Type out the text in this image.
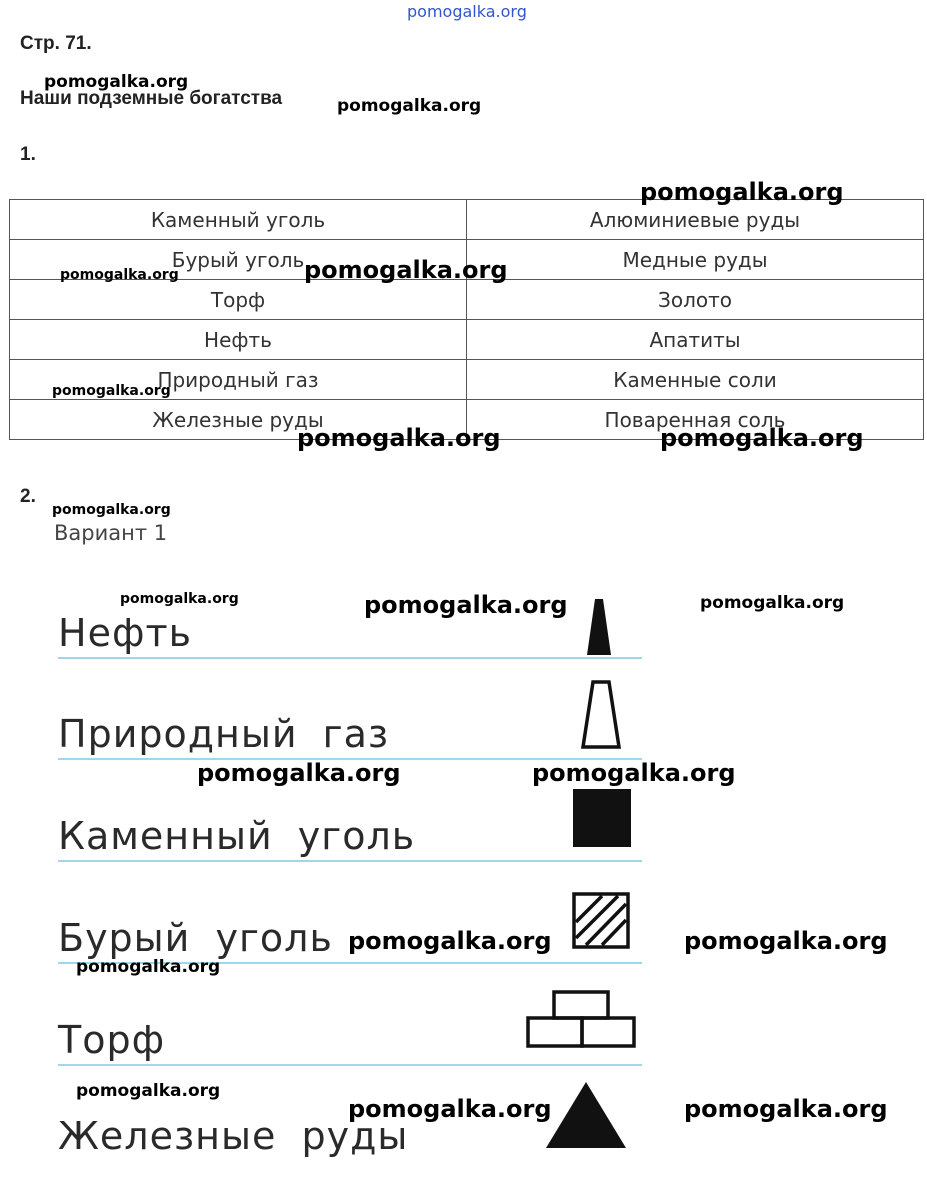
pomogalka.org
Стр. 71.
Наши подземные богатства
1.
Каменный уголь	Алюминиевые руды
Бурый уголь	Медные руды
Торф	Золото
Нефть	Апатиты
Природный газ	Каменные соли
Железные руды	Поваренная соль
2.
Вариант 1
Нефть
Природный газ
Каменный уголь
Бурый уголь
Торф
Железные руды
pomogalka.org
pomogalka.org
pomogalka.org
pomogalka.org
pomogalka.org
pomogalka.org
pomogalka.org	pomogalka.org
pomogalka.org
pomogalka.org	pomogalka.org	pomogalka.org
pomogalka.org	pomogalka.org
pomogalka.org	pomogalka.org
pomogalka.org
pomogalka.org
pomogalka.org	pomogalka.org
